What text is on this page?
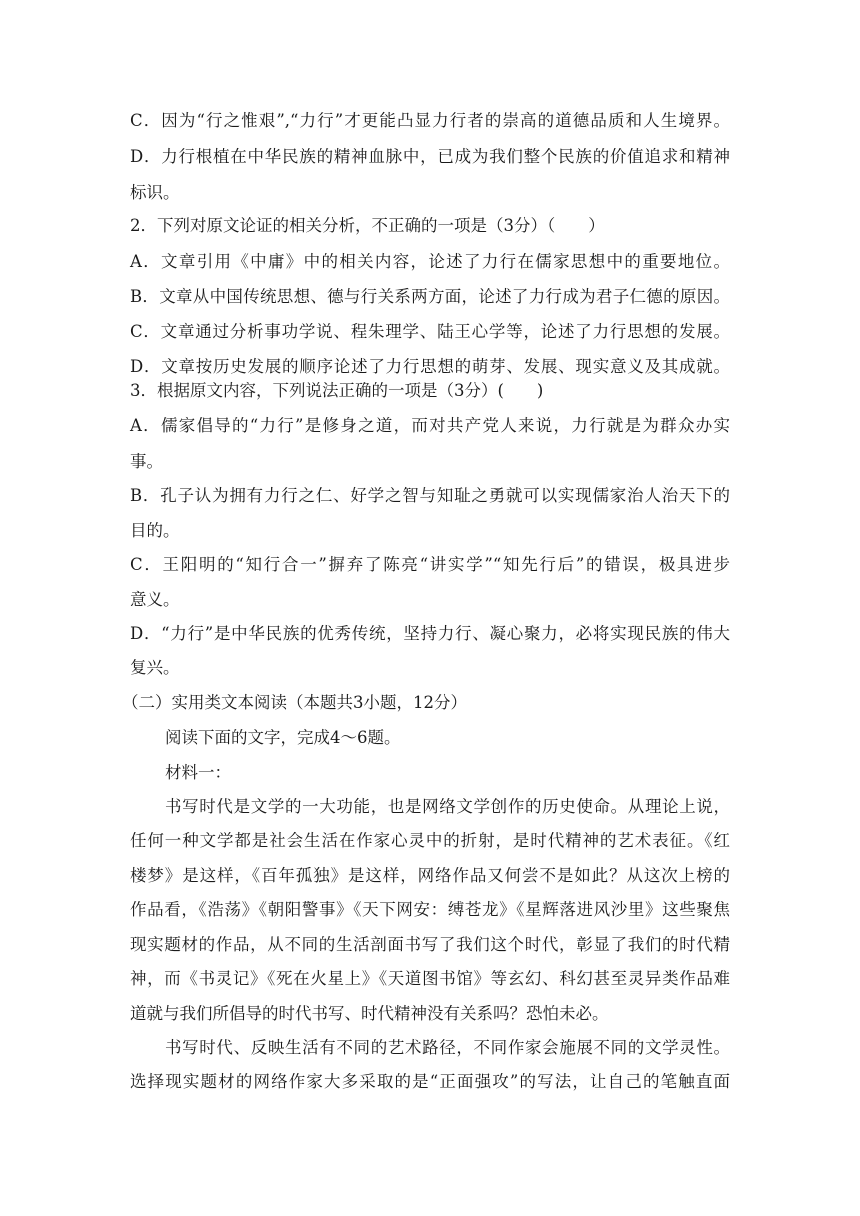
C．因为“行之惟艰”,“力行”才更能凸显力行者的崇高的道德品质和人生境界。
D．力行根植在中华民族的精神血脉中，已成为我们整个民族的价值追求和精神
标识。
2．下列对原文论证的相关分析，不正确的一项是（3分）（　　）
A．文章引用《中庸》中的相关内容，论述了力行在儒家思想中的重要地位。
B．文章从中国传统思想、德与行关系两方面，论述了力行成为君子仁德的原因。
C．文章通过分析事功学说、程朱理学、陆王心学等，论述了力行思想的发展。
D．文章按历史发展的顺序论述了力行思想的萌芽、发展、现实意义及其成就。
3．根据原文内容，下列说法正确的一项是（3分）(　　)
A．儒家倡导的“力行”是修身之道，而对共产党人来说，力行就是为群众办实
事。
B．孔子认为拥有力行之仁、好学之智与知耻之勇就可以实现儒家治人治天下的
目的。
C．王阳明的“知行合一”摒弃了陈亮“讲实学”“知先行后”的错误，极具进步
意义。
D．“力行”是中华民族的优秀传统，坚持力行、凝心聚力，必将实现民族的伟大
复兴。
（二）实用类文本阅读（本题共3小题，12分）
阅读下面的文字，完成4～6题。
材料一：
书写时代是文学的一大功能，也是网络文学创作的历史使命。从理论上说，
任何一种文学都是社会生活在作家心灵中的折射，是时代精神的艺术表征。《红
楼梦》是这样，《百年孤独》是这样，网络作品又何尝不是如此？从这次上榜的
作品看，《浩荡》《朝阳警事》《天下网安：缚苍龙》《星辉落进风沙里》这些聚焦
现实题材的作品，从不同的生活剖面书写了我们这个时代，彰显了我们的时代精
神，而《书灵记》《死在火星上》《天道图书馆》等玄幻、科幻甚至灵异类作品难
道就与我们所倡导的时代书写、时代精神没有关系吗？恐怕未必。
书写时代、反映生活有不同的艺术路径，不同作家会施展不同的文学灵性。
选择现实题材的网络作家大多采取的是“正面强攻”的写法，让自己的笔触直面
